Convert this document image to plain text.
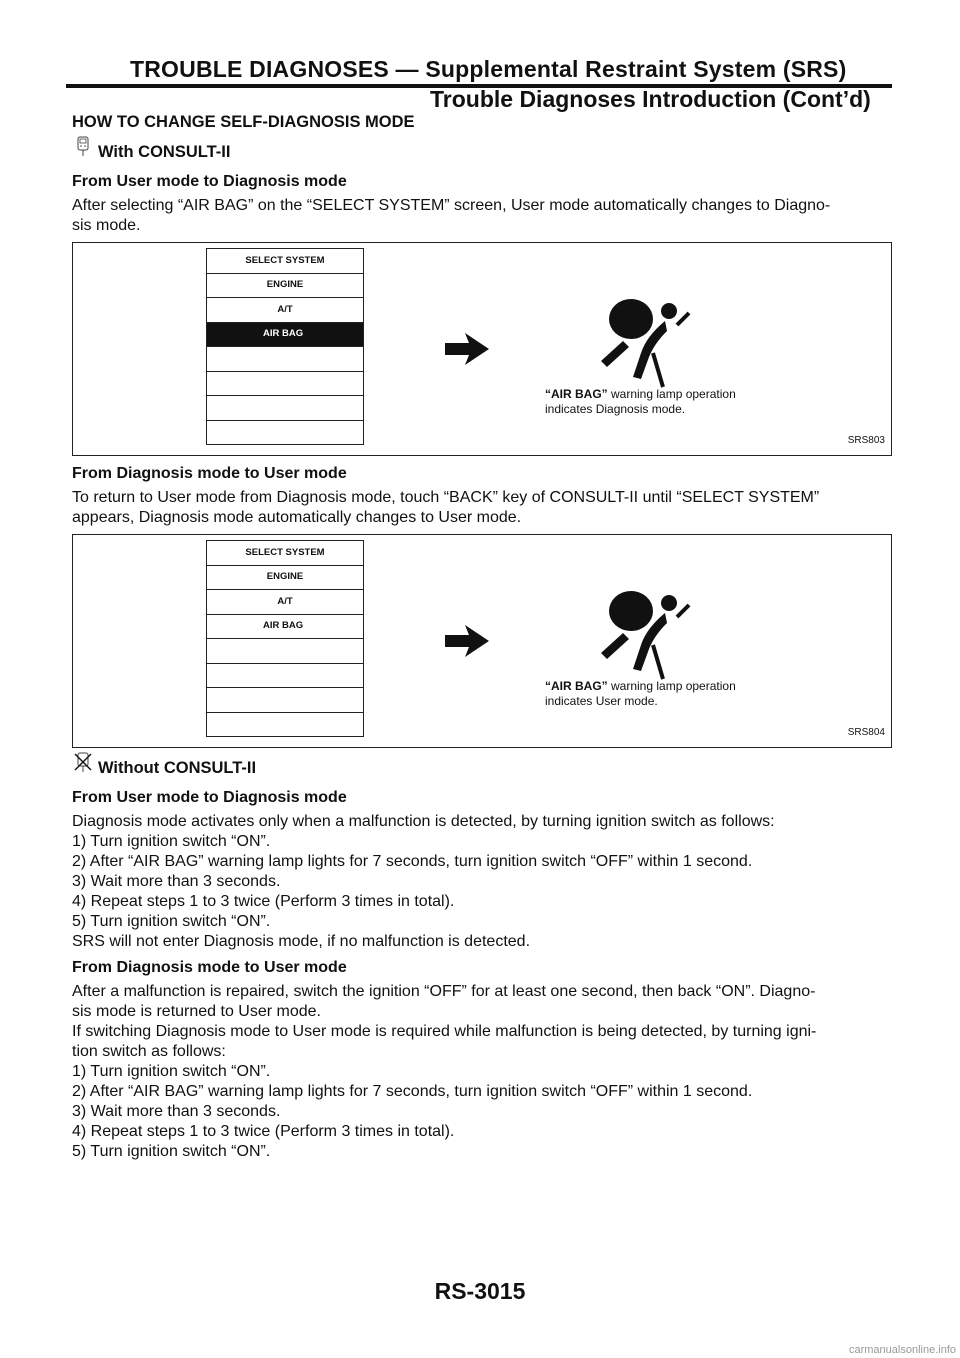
TROUBLE DIAGNOSES — Supplemental Restraint System (SRS)
Trouble Diagnoses Introduction (Cont’d)
HOW TO CHANGE SELF-DIAGNOSIS MODE
With CONSULT-II
From User mode to Diagnosis mode

After selecting “AIR BAG” on the “SELECT SYSTEM” screen, User mode automatically changes to Diagno-
sis mode.

SELECT SYSTEM
ENGINE
A/T
AIR BAG
“AIR BAG” warning lamp operation
indicates Diagnosis mode.
SRS803
From Diagnosis mode to User mode

To return to User mode from Diagnosis mode, touch “BACK” key of CONSULT-II until “SELECT SYSTEM”
appears, Diagnosis mode automatically changes to User mode.

SELECT SYSTEM
ENGINE
A/T
AIR BAG
“AIR BAG” warning lamp operation
indicates User mode.
SRS804
Without CONSULT-II
From User mode to Diagnosis mode

Diagnosis mode activates only when a malfunction is detected, by turning ignition switch as follows:
1) Turn ignition switch “ON”.
2) After “AIR BAG” warning lamp lights for 7 seconds, turn ignition switch “OFF” within 1 second.
3) Wait more than 3 seconds.
4) Repeat steps 1 to 3 twice (Perform 3 times in total).
5) Turn ignition switch “ON”.
SRS will not enter Diagnosis mode, if no malfunction is detected.

From Diagnosis mode to User mode

After a malfunction is repaired, switch the ignition “OFF” for at least one second, then back “ON”. Diagno-
sis mode is returned to User mode.
If switching Diagnosis mode to User mode is required while malfunction is being detected, by turning igni-
tion switch as follows:
1) Turn ignition switch “ON”.
2) After “AIR BAG” warning lamp lights for 7 seconds, turn ignition switch “OFF” within 1 second.
3) Wait more than 3 seconds.
4) Repeat steps 1 to 3 twice (Perform 3 times in total).
5) Turn ignition switch “ON”.

RS-3015
carmanualsonline.info
